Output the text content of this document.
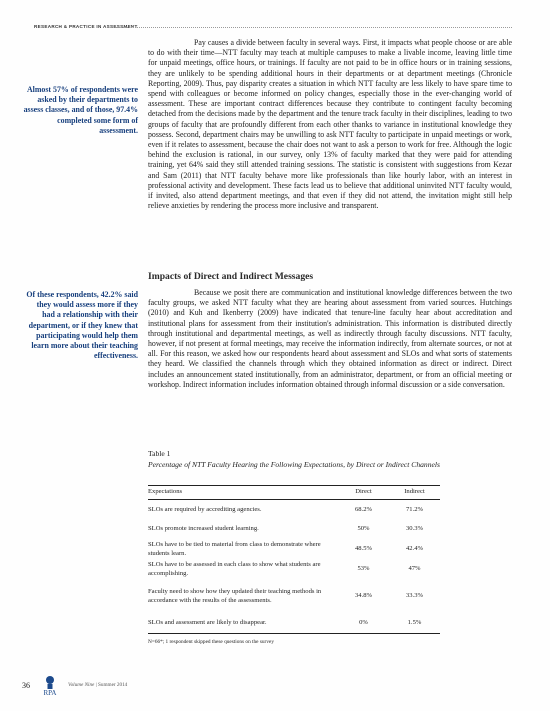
RESEARCH & PRACTICE IN ASSESSMENT
Almost 57% of respondents were asked by their departments to assess classes, and of those, 97.4% completed some form of assessment.
Of these respondents, 42.2% said they would assess more if they had a relationship with their department, or if they knew that participating would help them learn more about their teaching effectiveness.

Pay causes a divide between faculty in several ways. First, it impacts what people choose or are able to do with their time—NTT faculty may teach at multiple campuses to make a livable income, leaving little time for unpaid meetings, office hours, or trainings. If faculty are not paid to be in office hours or in training sessions, they are unlikely to be spending additional hours in their departments or at department meetings (Chronicle Reporting, 2009). Thus, pay disparity creates a situation in which NTT faculty are less likely to have spare time to spend with colleagues or become informed on policy changes, especially those in the ever-changing world of assessment. These are important contract differences because they contribute to contingent faculty becoming detached from the decisions made by the department and the tenure track faculty in their disciplines, leading to two groups of faculty that are profoundly different from each other thanks to variance in institutional knowledge they possess. Second, department chairs may be unwilling to ask NTT faculty to participate in unpaid meetings or work, even if it relates to assessment, because the chair does not want to ask a person to work for free. Although the logic behind the exclusion is rational, in our survey, only 13% of faculty marked that they were paid for attending training, yet 64% said they still attended training sessions. The statistic is consistent with suggestions from Kezar and Sam (2011) that NTT faculty behave more like professionals than like hourly labor, with an interest in professional activity and development. These facts lead us to believe that additional uninvited NTT faculty would, if invited, also attend department meetings, and that even if they did not attend, the invitation might still help relieve anxieties by rendering the process more inclusive and transparent.

Impacts of Direct and Indirect Messages

Because we posit there are communication and institutional knowledge differences between the two faculty groups, we asked NTT faculty what they are hearing about assessment from varied sources. Hutchings (2010) and Kuh and Ikenberry (2009) have indicated that tenure-line faculty hear about accreditation and institutional plans for assessment from their institution's administration. This information is distributed directly through institutional and departmental meetings, as well as indirectly through faculty discussions. NTT faculty, however, if not present at formal meetings, may receive the information indirectly, from alternate sources, or not at all. For this reason, we asked how our respondents heard about assessment and SLOs and what sorts of statements they heard. We classified the channels through which they obtained information as direct or indirect. Direct includes an announcement stated institutionally, from an administrator, department, or from an official meeting or workshop. Indirect information includes information obtained through informal discussion or a side conversation.

Table 1
Percentage of NTT Faculty Hearing the Following Expectations, by Direct or Indirect Channels
Expectations	Direct	Indirect
SLOs are required by accrediting agencies.	68.2%	71.2%
SLOs promote increased student learning.	50%	30.3%
SLOs have to be tied to material from class to demonstrate where students learn.	48.5%	42.4%
SLOs have to be assessed in each class to show what students are accomplishing.	53%	47%
Faculty need to show how they updated their teaching methods in accordance with the results of the assessments.	34.8%	33.3%
SLOs and assessment are likely to disappear.	0%	1.5%
N=66*; 1 respondent skipped these questions on the survey
36
RPA
Volume Nine | Summer 2014
